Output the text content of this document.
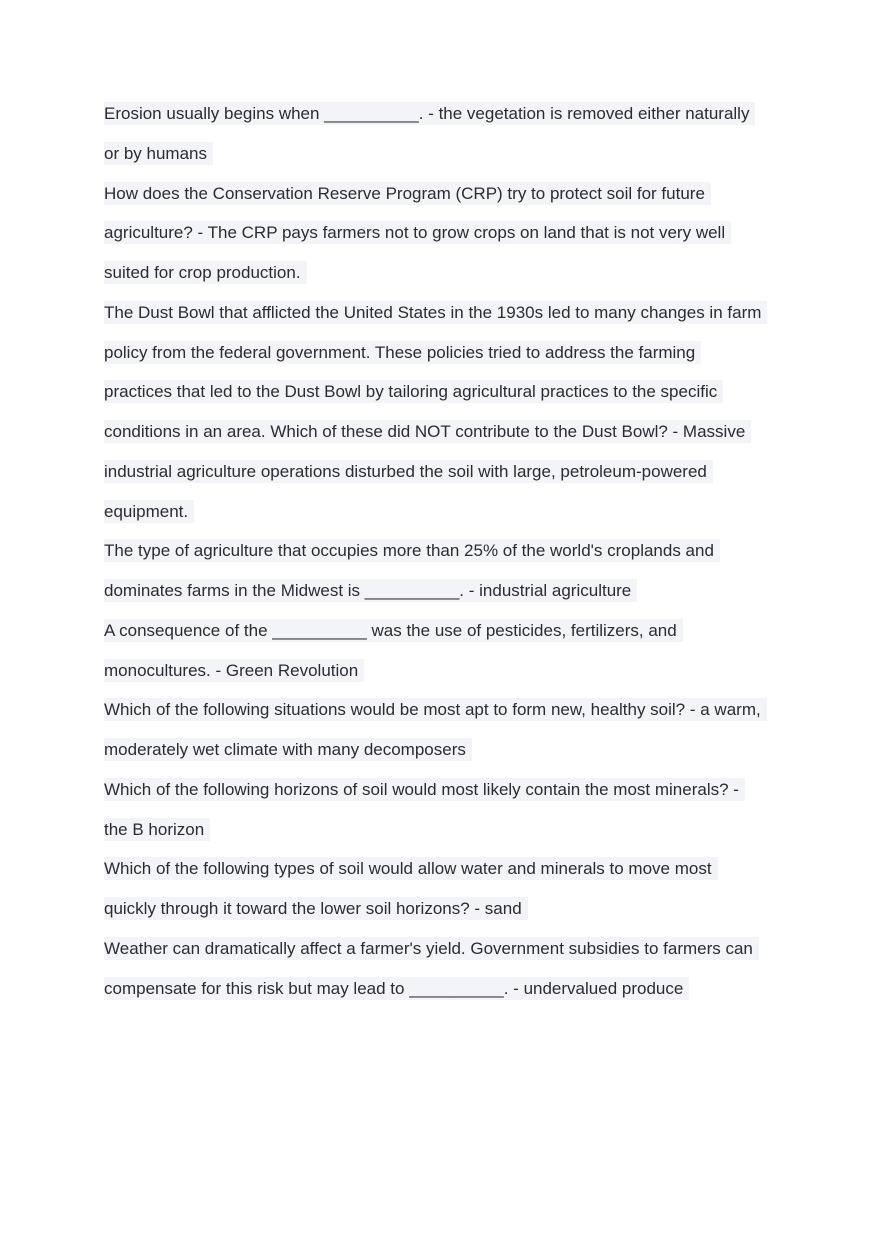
Erosion usually begins when __________. - the vegetation is removed either naturally
or by humans
How does the Conservation Reserve Program (CRP) try to protect soil for future
agriculture? - The CRP pays farmers not to grow crops on land that is not very well
suited for crop production.
The Dust Bowl that afflicted the United States in the 1930s led to many changes in farm
policy from the federal government. These policies tried to address the farming
practices that led to the Dust Bowl by tailoring agricultural practices to the specific
conditions in an area. Which of these did NOT contribute to the Dust Bowl? - Massive
industrial agriculture operations disturbed the soil with large, petroleum-powered
equipment.
The type of agriculture that occupies more than 25% of the world's croplands and
dominates farms in the Midwest is __________. - industrial agriculture
A consequence of the __________ was the use of pesticides, fertilizers, and
monocultures. - Green Revolution
Which of the following situations would be most apt to form new, healthy soil? - a warm,
moderately wet climate with many decomposers
Which of the following horizons of soil would most likely contain the most minerals? -
the B horizon
Which of the following types of soil would allow water and minerals to move most
quickly through it toward the lower soil horizons? - sand
Weather can dramatically affect a farmer's yield. Government subsidies to farmers can
compensate for this risk but may lead to __________. - undervalued produce
